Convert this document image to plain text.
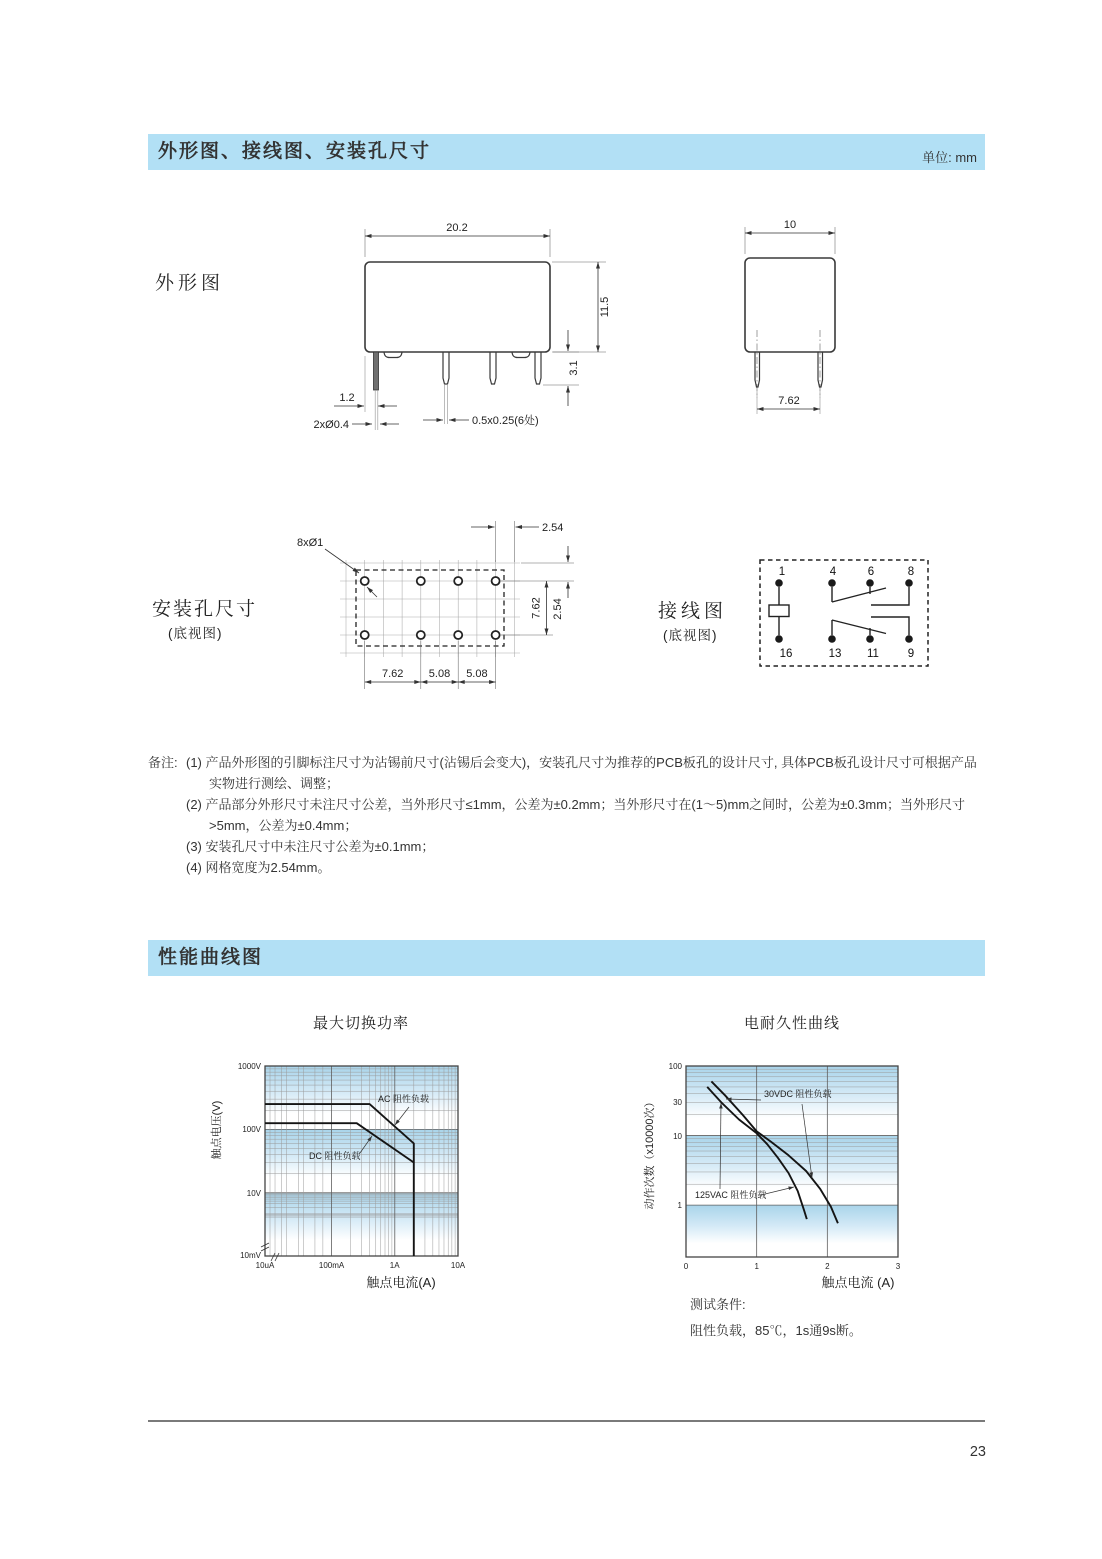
外形图、接线图、安装孔尺寸	单位: mm
外形图
20.2
11.5
3.1
1.2
2xØ0.4	0.5x0.25(6处)
10
7.62
安装孔尺寸
(底视图)
8xØ1
2.54
7.62 2.54
7.62 5.08 5.08
接线图
(底视图)
1	4	6	8
16	13 11	9
备注: (1) 产品外形图的引脚标注尺寸为沾锡前尺寸(沾锡后会变大)，安装孔尺寸为推荐的PCB板孔的设计尺寸, 具体PCB板孔设计尺寸可根据产品实物进行测绘、调整；
(2) 产品部分外形尺寸未注尺寸公差，当外形尺寸≤1mm，公差为±0.2mm；当外形尺寸在(1～5)mm之间时，公差为±0.3mm；当外形尺寸>5mm，公差为±0.4mm；
(3) 安装孔尺寸中未注尺寸公差为±0.1mm；
(4) 网格宽度为2.54mm。
性能曲线图
最大切换功率	电耐久性曲线
AC 阻性负载
DC 阻性负载
1000V
100V
10V
10mV
10uA	100mA	1A	10A
触点电压(V)
触点电流(A)
30VDC 阻性负载
125VAC 阻性负载
100
30
10
1
0	1	2	3
动作次数（x10000次）
触点电流 (A)
测试条件:
阻性负载，85℃，1s通9s断。
23
